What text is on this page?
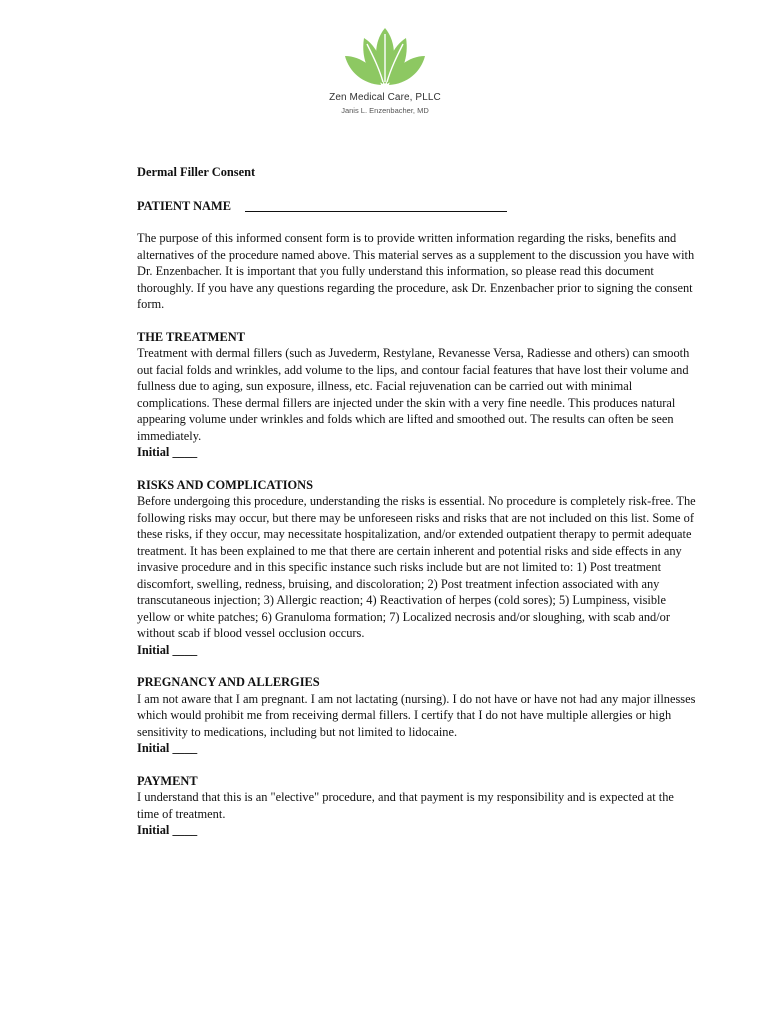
Zen Medical Care, PLLC
Janis L. Enzenbacher, MD
Dermal Filler Consent
PATIENT NAME

The purpose of this informed consent form is to provide written information regarding the risks, benefits and alternatives of the procedure named above. This material serves as a supplement to the discussion you have with Dr. Enzenbacher. It is important that you fully understand this information, so please read this document thoroughly. If you have any questions regarding the procedure, ask Dr. Enzenbacher prior to signing the consent form.

THE TREATMENT
Treatment with dermal fillers (such as Juvederm, Restylane, Revanesse Versa, Radiesse and others) can smooth out facial folds and wrinkles, add volume to the lips, and contour facial features that have lost their volume and fullness due to aging, sun exposure, illness, etc. Facial rejuvenation can be carried out with minimal complications. These dermal fillers are injected under the skin with a very fine needle. This produces natural appearing volume under wrinkles and folds which are lifted and smoothed out. The results can often be seen immediately.
Initial ____
RISKS AND COMPLICATIONS
Before undergoing this procedure, understanding the risks is essential. No procedure is completely risk-free. The following risks may occur, but there may be unforeseen risks and risks that are not included on this list. Some of these risks, if they occur, may necessitate hospitalization, and/or extended outpatient therapy to permit adequate treatment. It has been explained to me that there are certain inherent and potential risks and side effects in any invasive procedure and in this specific instance such risks include but are not limited to: 1) Post treatment discomfort, swelling, redness, bruising, and discoloration; 2) Post treatment infection associated with any transcutaneous injection; 3) Allergic reaction; 4) Reactivation of herpes (cold sores); 5) Lumpiness, visible yellow or white patches; 6) Granuloma formation; 7) Localized necrosis and/or sloughing, with scab and/or without scab if blood vessel occlusion occurs.
Initial ____
PREGNANCY AND ALLERGIES
I am not aware that I am pregnant. I am not lactating (nursing). I do not have or have not had any major illnesses which would prohibit me from receiving dermal fillers. I certify that I do not have multiple allergies or high sensitivity to medications, including but not limited to lidocaine.
Initial ____
PAYMENT
I understand that this is an "elective" procedure, and that payment is my responsibility and is expected at the time of treatment.
Initial ____
